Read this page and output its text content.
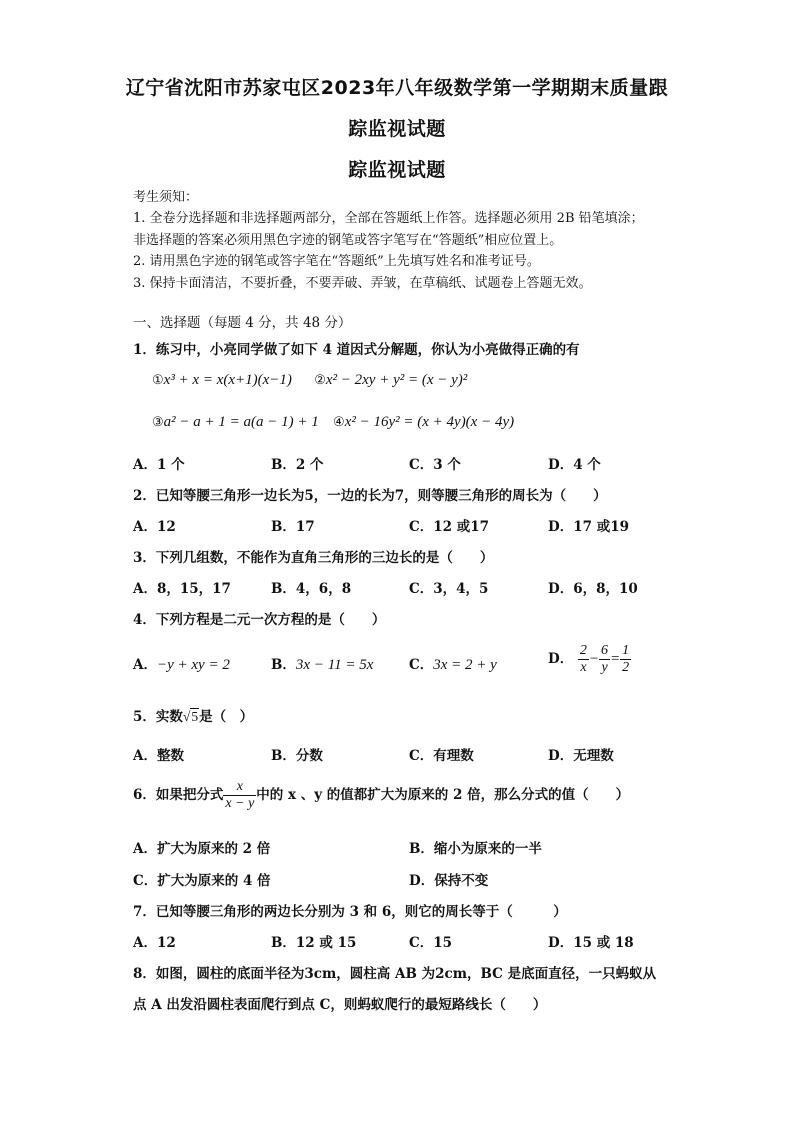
辽宁省沈阳市苏家屯区2023年八年级数学第一学期期末质量跟
踪监视试题
踪监视试题
考生须知：
1. 全卷分选择题和非选择题两部分，全部在答题纸上作答。选择题必须用 2B 铅笔填涂；
非选择题的答案必须用黑色字迹的钢笔或答字笔写在“答题纸”相应位置上。
2. 请用黑色字迹的钢笔或答字笔在“答题纸”上先填写姓名和准考证号。
3. 保持卡面清洁，不要折叠，不要弄破、弄皱，在草稿纸、试题卷上答题无效。
一、选择题（每题 4 分，共 48 分）
1．练习中，小亮同学做了如下 4 道因式分解题，你认为小亮做得正确的有
①x³ + x = x(x+1)(x−1) ②x² − 2xy + y² = (x − y)²
③a² − a + 1 = a(a − 1) + 1 ④x² − 16y² = (x + 4y)(x − 4y)
A．1 个	B．2 个	C．3 个	D．4 个
2．已知等腰三角形一边长为5，一边的长为7，则等腰三角形的周长为（　　）
A．12	B．17	C．12 或17	D．17 或19
3．下列几组数，不能作为直角三角形的三边长的是（　　）
A．8，15，17	B．4，6，8	C．3，4，5	D．6，8，10
4．下列方程是二元一次方程的是（　　）
A．−y + xy = 2	B．3x − 11 = 5x	C．3x = 2 + y	D． $\frac{2}{x} - \frac{6}{y} = \frac{1}{2}$
5．实数√5是（　）
A．整数	B．分数	C．有理数	D．无理数
6．如果把分式 $\frac{x}{x - y}$ 中的 x 、y 的值都扩大为原来的 2 倍，那么分式的值（　　）
A．扩大为原来的 2 倍	B．缩小为原来的一半
C．扩大为原来的 4 倍	D．保持不变
7．已知等腰三角形的两边长分别为 3 和 6，则它的周长等于（　　　）
A．12	B．12 或 15	C．15	D．15 或 18
8．如图，圆柱的底面半径为3cm，圆柱高 AB 为2cm，BC 是底面直径，一只蚂蚁从
点 A 出发沿圆柱表面爬行到点 C，则蚂蚁爬行的最短路线长（　　）
